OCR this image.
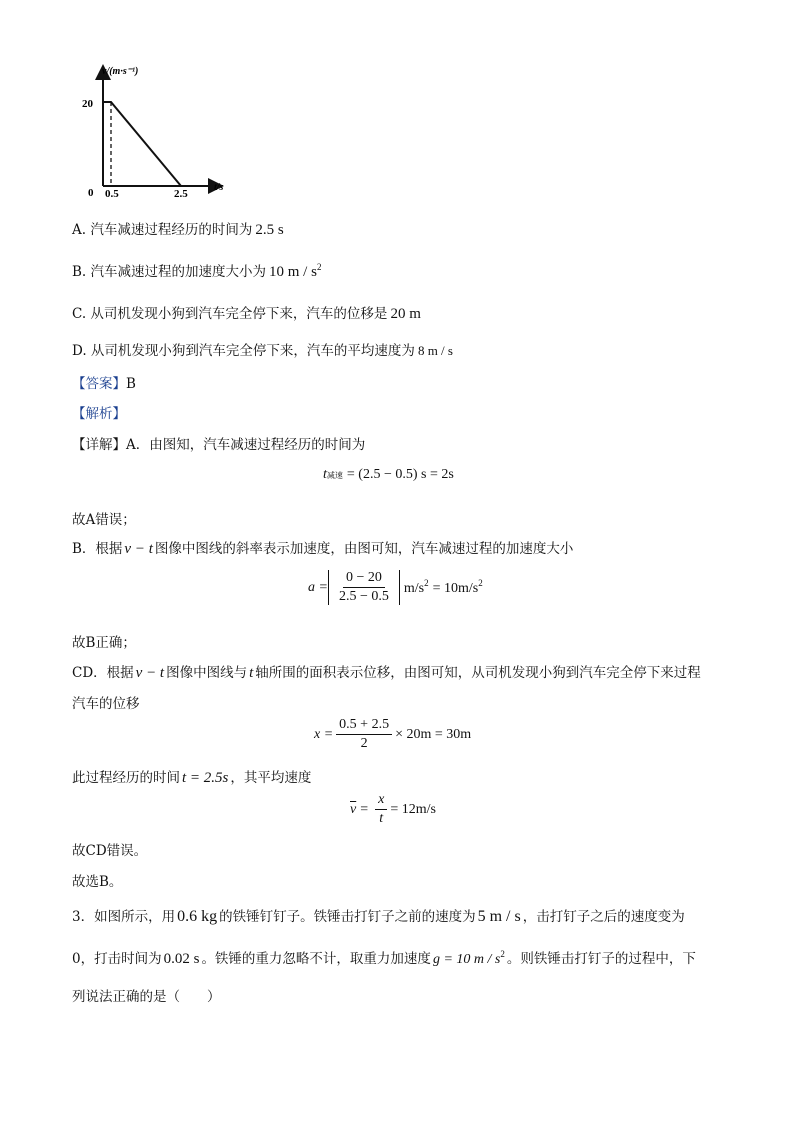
v/(m·s⁻¹)
t/s
0
20
0.5	2.5
A. 汽车减速过程经历的时间为 2.5 s
B. 汽车减速过程的加速度大小为 10 m / $s^2$
C. 从司机发现小狗到汽车完全停下来，汽车的位移是 20 m
D. 从司机发现小狗到汽车完全停下来，汽车的平均速度为 8 m / s
【答案】B
【解析】
【详解】A．由图知，汽车减速过程经历的时间为
t 减速 = (2.5 − 0.5) s = 2s
故A错误；
B．根据 v − t 图像中图线的斜率表示加速度，由图可知，汽车减速过程的加速度大小
$a = \frac{0 - 20}{2.5 - 0.5} m/s^2 = 10m/s^2$
故B正确；
CD．根据 v − t 图像中图线与 t 轴所围的面积表示位移，由图可知，从司机发现小狗到汽车完全停下来过程
汽车的位移
$x = \frac{0.5 + 2.5}{2} \times 20m = 30m$
此过程经历的时间 t = 2.5s ，其平均速度
$\overline{v} = \frac{x}{t} = 12m/s$
故CD错误。
故选B。
3．如图所示，用 0.6 kg 的铁锤钉钉子。铁锤击打钉子之前的速度为 5 m / s ，击打钉子之后的速度变为
0，打击时间为 0.02 s 。铁锤的重力忽略不计，取重力加速度 g = 10 m / $s^2$ 。则铁锤击打钉子的过程中，下
列说法正确的是（　　）
